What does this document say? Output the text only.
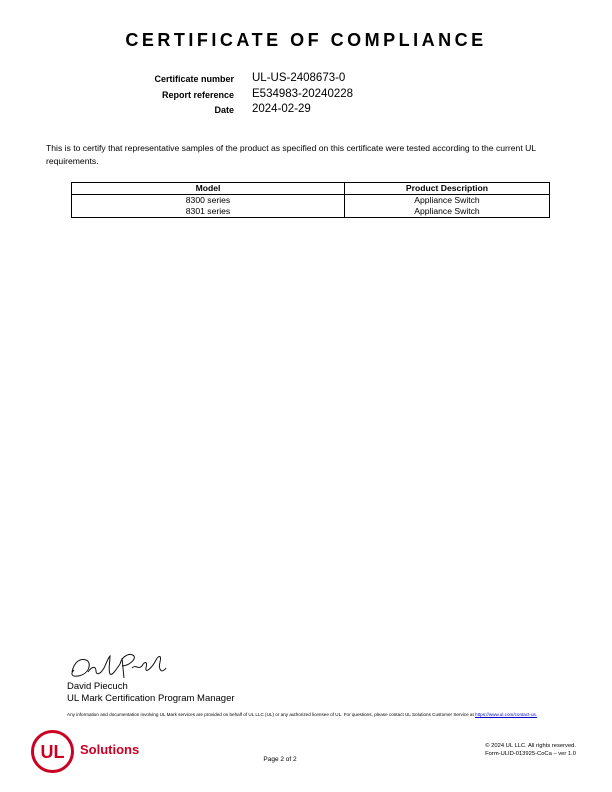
CERTIFICATE OF COMPLIANCE
Certificate number UL-US-2408673-0
Report reference E534983-20240228
Date 2024-02-29
This is to certify that representative samples of the product as specified on this certificate were tested according to the current UL requirements.
Model	Product Description
8300 series	Appliance Switch
8301 series	Appliance Switch
David Piecuch
UL Mark Certification Program Manager
Any information and documentation involving UL Mark services are provided on behalf of UL LLC (UL) or any authorized licensee of UL. For questions, please contact UL Solutions Customer Service at https://www.ul.com/contact-us.
UL Solutions
Page 2 of 2
© 2024 UL LLC. All rights reserved.
Form-ULID-013925-CoCa – ver 1.0
